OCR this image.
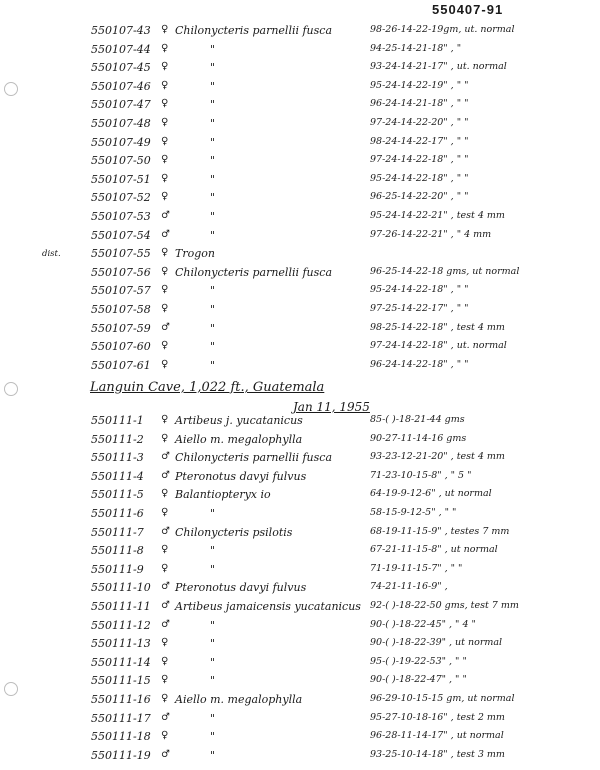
550407-91
550107-43 ♀ Chilonycteris parnellii fusca	98-26-14-22-19gm, ut. normal
550107-44 ♀	"	94-25-14-21-18" , "
550107-45 ♀	"	93-24-14-21-17" , ut. normal
550107-46 ♀	"	95-24-14-22-19" , " "
550107-47 ♀	"	96-24-14-21-18" , " "
550107-48 ♀	"	97-24-14-22-20" , " "
550107-49 ♀	"	98-24-14-22-17" , " "
550107-50 ♀	"	97-24-14-22-18" , " "
550107-51 ♀	"	95-24-14-22-18" , " "
550107-52 ♀	"	96-25-14-22-20" , " "
550107-53 ♂	"	95-24-14-22-21" , test 4 mm
550107-54 ♂	"	97-26-14-22-21" , " 4 mm
dist.	550107-55 ♀ Trogon
550107-56 ♀ Chilonycteris parnellii fusca	96-25-14-22-18 gms, ut normal
550107-57 ♀	"	95-24-14-22-18" , " "
550107-58 ♀	"	97-25-14-22-17" , " "
550107-59 ♂	"	98-25-14-22-18" , test 4 mm
550107-60 ♀	"	97-24-14-22-18" , ut. normal
550107-61 ♀	"	96-24-14-22-18" , " "
Languin Cave, 1,022 ft., Guatemala
Jan 11, 1955
550111-1 ♀ Artibeus j. yucatanicus	85-( )-18-21-44 gms
550111-2 ♀ Aiello m. megalophylla	90-27-11-14-16 gms
550111-3 ♂ Chilonycteris parnellii fusca	93-23-12-21-20" , test 4 mm
550111-4 ♂ Pteronotus davyi fulvus	71-23-10-15-8" , " 5 "
550111-5 ♀ Balantiopteryx io	64-19-9-12-6" , ut normal
550111-6 ♀	"	58-15-9-12-5" , " "
550111-7 ♂ Chilonycteris psilotis	68-19-11-15-9" , testes 7 mm
550111-8 ♀	"	67-21-11-15-8" , ut normal
550111-9 ♀	"	71-19-11-15-7" , " "
550111-10 ♂ Pteronotus davyi fulvus	74-21-11-16-9" ,
550111-11 ♂ Artibeus jamaicensis yucatanicus 92-( )-18-22-50 gms, test 7 mm
550111-12 ♂	"	90-( )-18-22-45" , " 4 "
550111-13 ♀	"	90-( )-18-22-39" , ut normal
550111-14 ♀	"	95-( )-19-22-53" , " "
550111-15 ♀	"	90-( )-18-22-47" , " "
550111-16 ♀ Aiello m. megalophylla	96-29-10-15-15 gm, ut normal
550111-17 ♂	"	95-27-10-18-16" , test 2 mm
550111-18 ♀	"	96-28-11-14-17" , ut normal
550111-19 ♂	"	93-25-10-14-18" , test 3 mm
